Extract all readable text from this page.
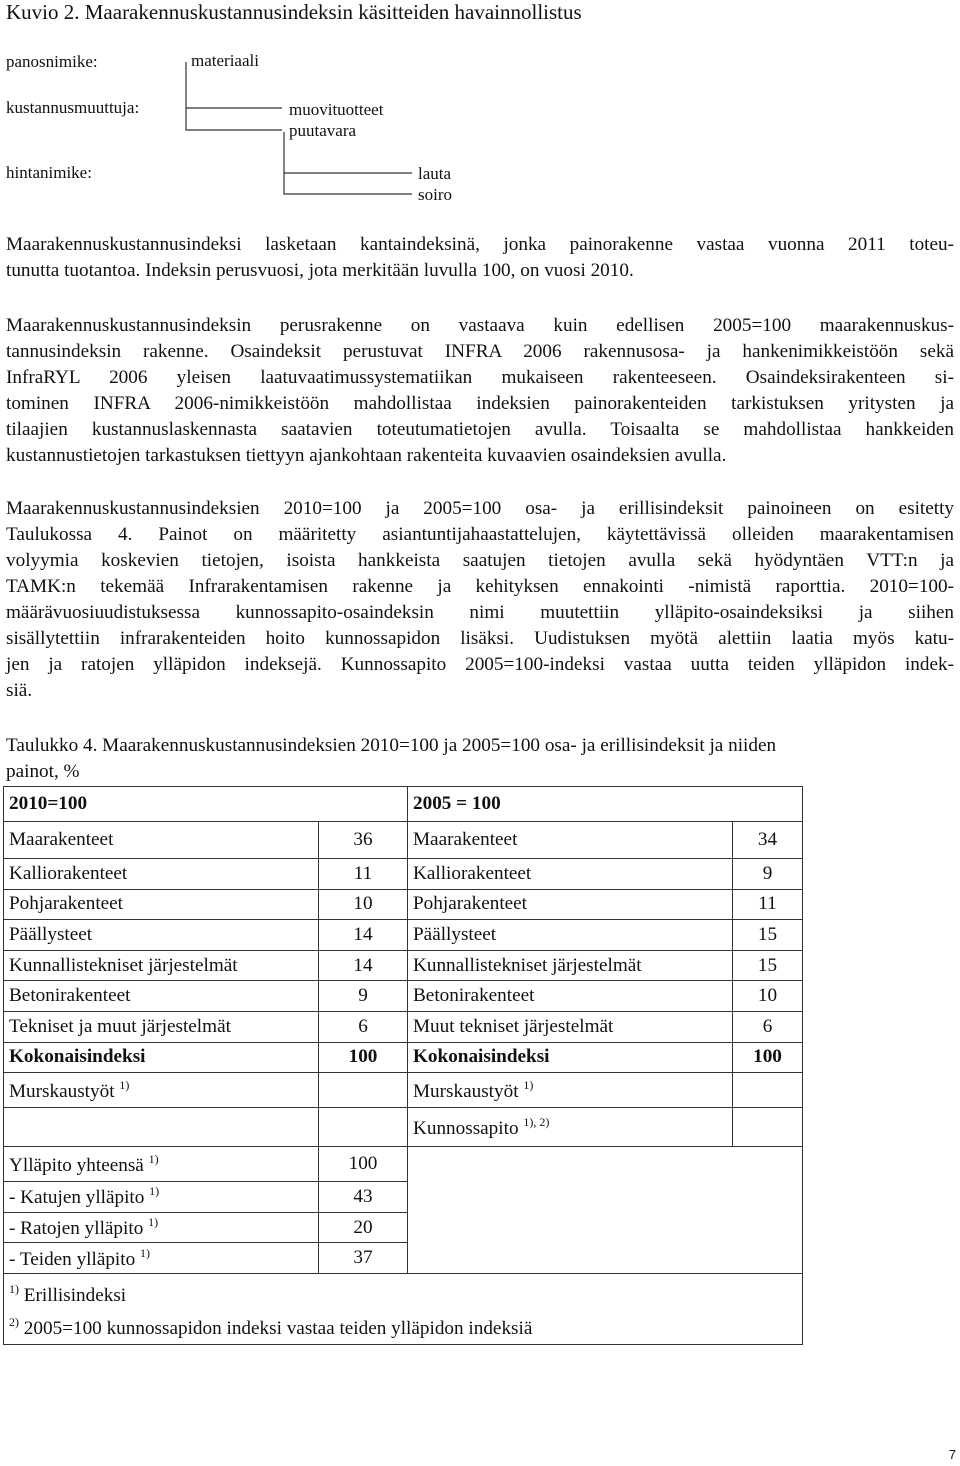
Kuvio 2. Maarakennuskustannusindeksin käsitteiden havainnollistus
panosnimike:
kustannusmuuttuja:
hintanimike:
materiaali
muovituotteet
puutavara
lauta
soiro
Maarakennuskustannusindeksi lasketaan kantaindeksinä, jonka painorakenne vastaa vuonna 2011 toteu-
tunutta tuotantoa. Indeksin perusvuosi, jota merkitään luvulla 100, on vuosi 2010.
Maarakennuskustannusindeksin perusrakenne on vastaava kuin edellisen 2005=100 maarakennuskus-
tannusindeksin rakenne. Osaindeksit perustuvat INFRA 2006 rakennusosa- ja hankenimikkeistöön sekä
InfraRYL 2006 yleisen laatuvaatimussystematiikan mukaiseen rakenteeseen. Osaindeksirakenteen si-
tominen INFRA 2006-nimikkeistöön mahdollistaa indeksien painorakenteiden tarkistuksen yritysten ja
tilaajien kustannuslaskennasta saatavien toteutumatietojen avulla. Toisaalta se mahdollistaa hankkeiden
kustannustietojen tarkastuksen tiettyyn ajankohtaan rakenteita kuvaavien osaindeksien avulla.
Maarakennuskustannusindeksien 2010=100 ja 2005=100 osa- ja erillisindeksit painoineen on esitetty
Taulukossa 4. Painot on määritetty asiantuntijahaastattelujen, käytettävissä olleiden maarakentamisen
volyymia koskevien tietojen, isoista hankkeista saatujen tietojen avulla sekä hyödyntäen VTT:n ja
TAMK:n tekemää Infrarakentamisen rakenne ja kehityksen ennakointi -nimistä raporttia. 2010=100-
määrävuosiuudistuksessa kunnossapito-osaindeksin nimi muutettiin ylläpito-osaindeksiksi ja siihen
sisällytettiin infrarakenteiden hoito kunnossapidon lisäksi. Uudistuksen myötä alettiin laatia myös katu-
jen ja ratojen ylläpidon indeksejä. Kunnossapito 2005=100-indeksi vastaa uutta teiden ylläpidon indek-
siä.
Taulukko 4. Maarakennuskustannusindeksien 2010=100 ja 2005=100 osa- ja erillisindeksit ja niiden
painot, %
2010=100		2005 = 100	
Maarakenteet	36	Maarakenteet	34
Kalliorakenteet	11	Kalliorakenteet	9
Pohjarakenteet	10	Pohjarakenteet	11
Päällysteet	14	Päällysteet	15
Kunnallistekniset järjestelmät	14	Kunnallistekniset järjestelmät	15
Betonirakenteet	9	Betonirakenteet	10
Tekniset ja muut järjestelmät	6	Muut tekniset järjestelmät	6
Kokonaisindeksi	100	Kokonaisindeksi	100
Murskaustyöt $^{1)}$		Murskaustyöt $^{1)}$	
		Kunnossapito $^{1), 2)}$	
Ylläpito yhteensä $^{1)}$	100		
- Katujen ylläpito $^{1)}$	43		
- Ratojen ylläpito $^{1)}$	20		
- Teiden ylläpito $^{1)}$	37		

$^{1)}$ Erillisindeksi
$^{2)}$ 2005=100 kunnossapidon indeksi vastaa teiden ylläpidon indeksiä			
7
